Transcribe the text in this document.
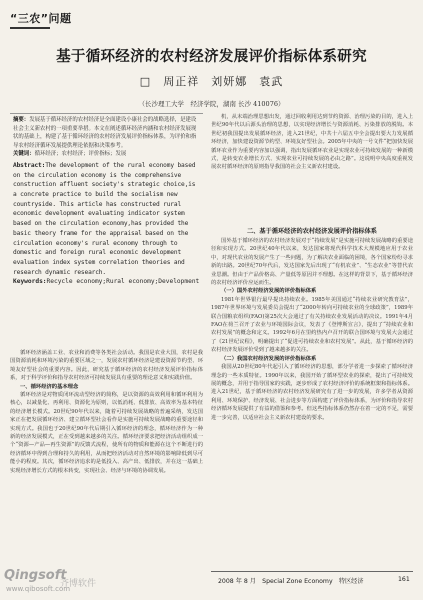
“三农”问题
基于循环经济的农村经济发展评价指标体系研究
□　周正祥　刘妍娜　袁武
（长沙理工大学　经济学院，湖南 长沙 410076）

摘要：发展基于循环经济的农村经济是全面建设小康社会的战略选择，是建设社会主义新农村的一项重要举措。本文在阐述循环经济内涵和农村经济发展现状的基础上，构建了基于循环经济的农村经济发展评价指标体系，为评价和指导农村经济循环发展提供理论依据和决策参考。

关键词：循环经济；农村经济；评价指标；发展

Abstract:The development of the rural economy based on the circulation economy is the comprehensive construction affluent society's strategic choice,is a concrete practice to build the socialism new countryside. This article has constructed rural economic development evaluating indicator system based on the circulation economy,has provided the basic theory frame for the appraisal based on the circulation economy's rural economy through to domestic and foreign rural economic development evaluation index system correlation theories and research dynamic research.

Keywords:Recycle economy;Rural economy;Development

循环经济涵盖工业、农业和消费等各类社会活动。我国是农业大国，农村是我国资源消耗和环境污染的重要区域之一，发展农村循环经济是建设资源节约型、环境友好型社会的重要内容。因此，研究基于循环经济的农村经济发展评价指标体系，对于科学评价和指导农村经济可持续发展具有重要的理论意义和实践价值。

一、循环经济的基本理念

循环经济是对物质闭环流动型经济的简称，是以资源的高效利用和循环利用为核心，以减量化、再利用、资源化为原则，以低消耗、低排放、高效率为基本特征的经济增长模式。20世纪90年代以来，随着可持续发展战略的普遍采纳，发达国家正在把发展循环经济、建立循环型社会看作是实施可持续发展战略的重要途径和实现方式。我国也于20世纪90年代后期引入循环经济的理念，循环经济作为一种新的经济发展模式，正在受到越来越多的关注。循环经济要求把经济活动组织成一个“资源—产品—再生资源”的反馈式流程，使所有的物质和能源在这个不断进行的经济循环中得到合理和持久的利用，从而把经济活动对自然环境的影响降低到尽可能小的程度。其次，循环经济追求的是低投入、高产出、低排放，并在这一基础上实现经济增长方式的根本转变，实现社会、经济与环境的协调发展。

机，从末端治理思想出发，通过回收利用达到节约资源、治理污染的目的，进入上世纪90年代以后源头治理的思想，以实现经济增长与资源消耗、污染排放的脱钩。本世纪初我国提出发展循环经济，进入21世纪，中共十六届五中全会提出要大力发展循环经济，加快建设资源节约型、环境友好型社会。2005年中央的一号文件“把加快发展循环农业作为重要内容加以强调，指出发展循环农业是实现农业可持续发展的一种新模式，是转变农业增长方式、实现农业可持续发展的必由之路”。这说明中央高度重视发展农村循环经济的原则指导我国的社会主义新农村建设。

二、基于循环经济的农村经济发展评价指标体系

国外基于循环经济的农村经济发展对于“持续发展”是实施可持续发展战略的重要途径和实现方式。20世纪40年代以来，发达国家将现代科学技术大规模地应用于农业中，对现代农业的发展产生了一些问题，为了解决农业面临的困境，各个国家纷纷寻求新的出路。20世纪70年代后，发达国家先后出现了“有机农业”、“生态农业”等替代农业思潮。但由于产品价格高、产量低等原因并不理想。在这样的背景下，基于循环经济的农村经济评价应运而生。

（一）国外农村经济发展的评价指标体系

1981年世界银行最早提出持续农业。1985年美国通过“持续农业研究教育法”，1987年世界环境与发展委员会提出了“2000年转向可持续农业的全球政策”，1989年联合国粮农组织(FAO)第25次大会通过了有关持续农业发展活动的决议。1991年4月FAO在荷兰召开了农业与环境国际会议，发表了《登博斯宣言》，提出了“持续农业和农村发展”的概念和定义。1992年6月在里约热内卢召开的联合国环境与发展大会通过了《21世纪议程》，明确提出了“促进可持续农业和农村发展”。从此，基于循环经济的农村经济发展评价受到了越来越多的关注。

（二）我国农村经济发展的评价指标体系

我国从20世纪80年代起引入了循环经济的思想，部分学者进一步探索了循环经济理念的一些本质特征。1990年以来，我国开始了循环型农业的探索，提出了可持续发展的概念，并用于指导国家的实践，逐步形成了农村经济评价的系统框架和指标体系。进入21世纪，基于循环经济的农村经济发展研究有了进一步的发展，许多学者从资源利用、环境保护、经济发展、社会进步等方面构建了评价指标体系，为评价和指导农村经济循环发展提供了有益的借鉴和参考。但这些指标体系仍然存在着一定的不足，需要进一步完善，以适应社会主义新农村建设的要求。

Qingsoft
齐博软件
www.qibosoft.com
2008 年 8 月　Special Zone Economy　特区经济	161
